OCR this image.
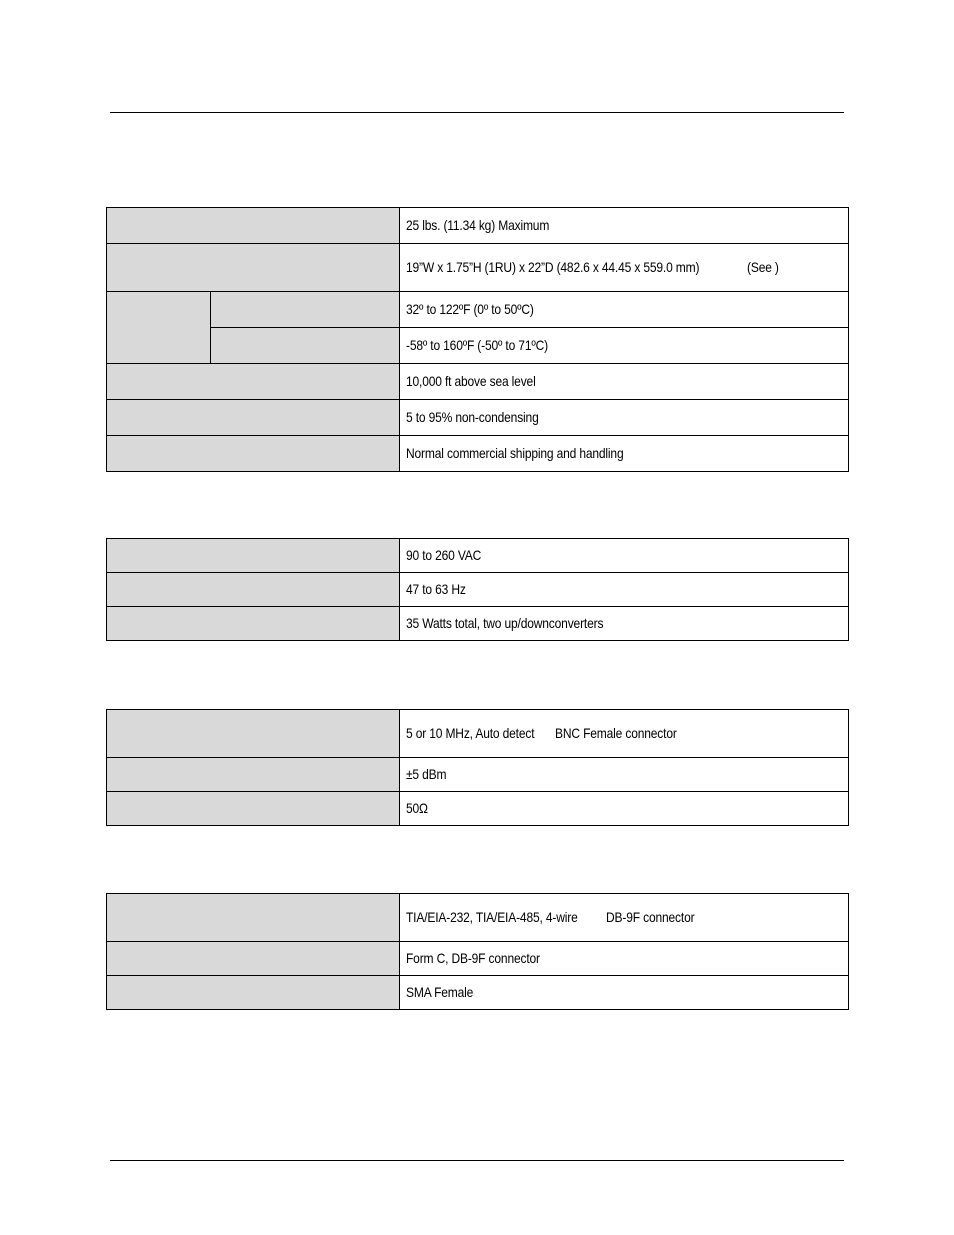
		25 lbs. (11.34 kg) Maximum
		19”W x 1.75”H (1RU) x 22”D (482.6 x 44.45 x 559.0 mm) (See )
		32º to 122ºF (0º to 50ºC)
		-58º to 160ºF (-50º to 71ºC)
		10,000 ft above sea level
		5 to 95% non-condensing
		Normal commercial shipping and handling
	90 to 260 VAC
	47 to 63 Hz
	35 Watts total, two up/downconverters
	5 or 10 MHz, Auto detect BNC Female connector
	±5 dBm
	50Ω
	TIA/EIA-232, TIA/EIA-485, 4-wire DB-9F connector
	Form C, DB-9F connector
	SMA Female
